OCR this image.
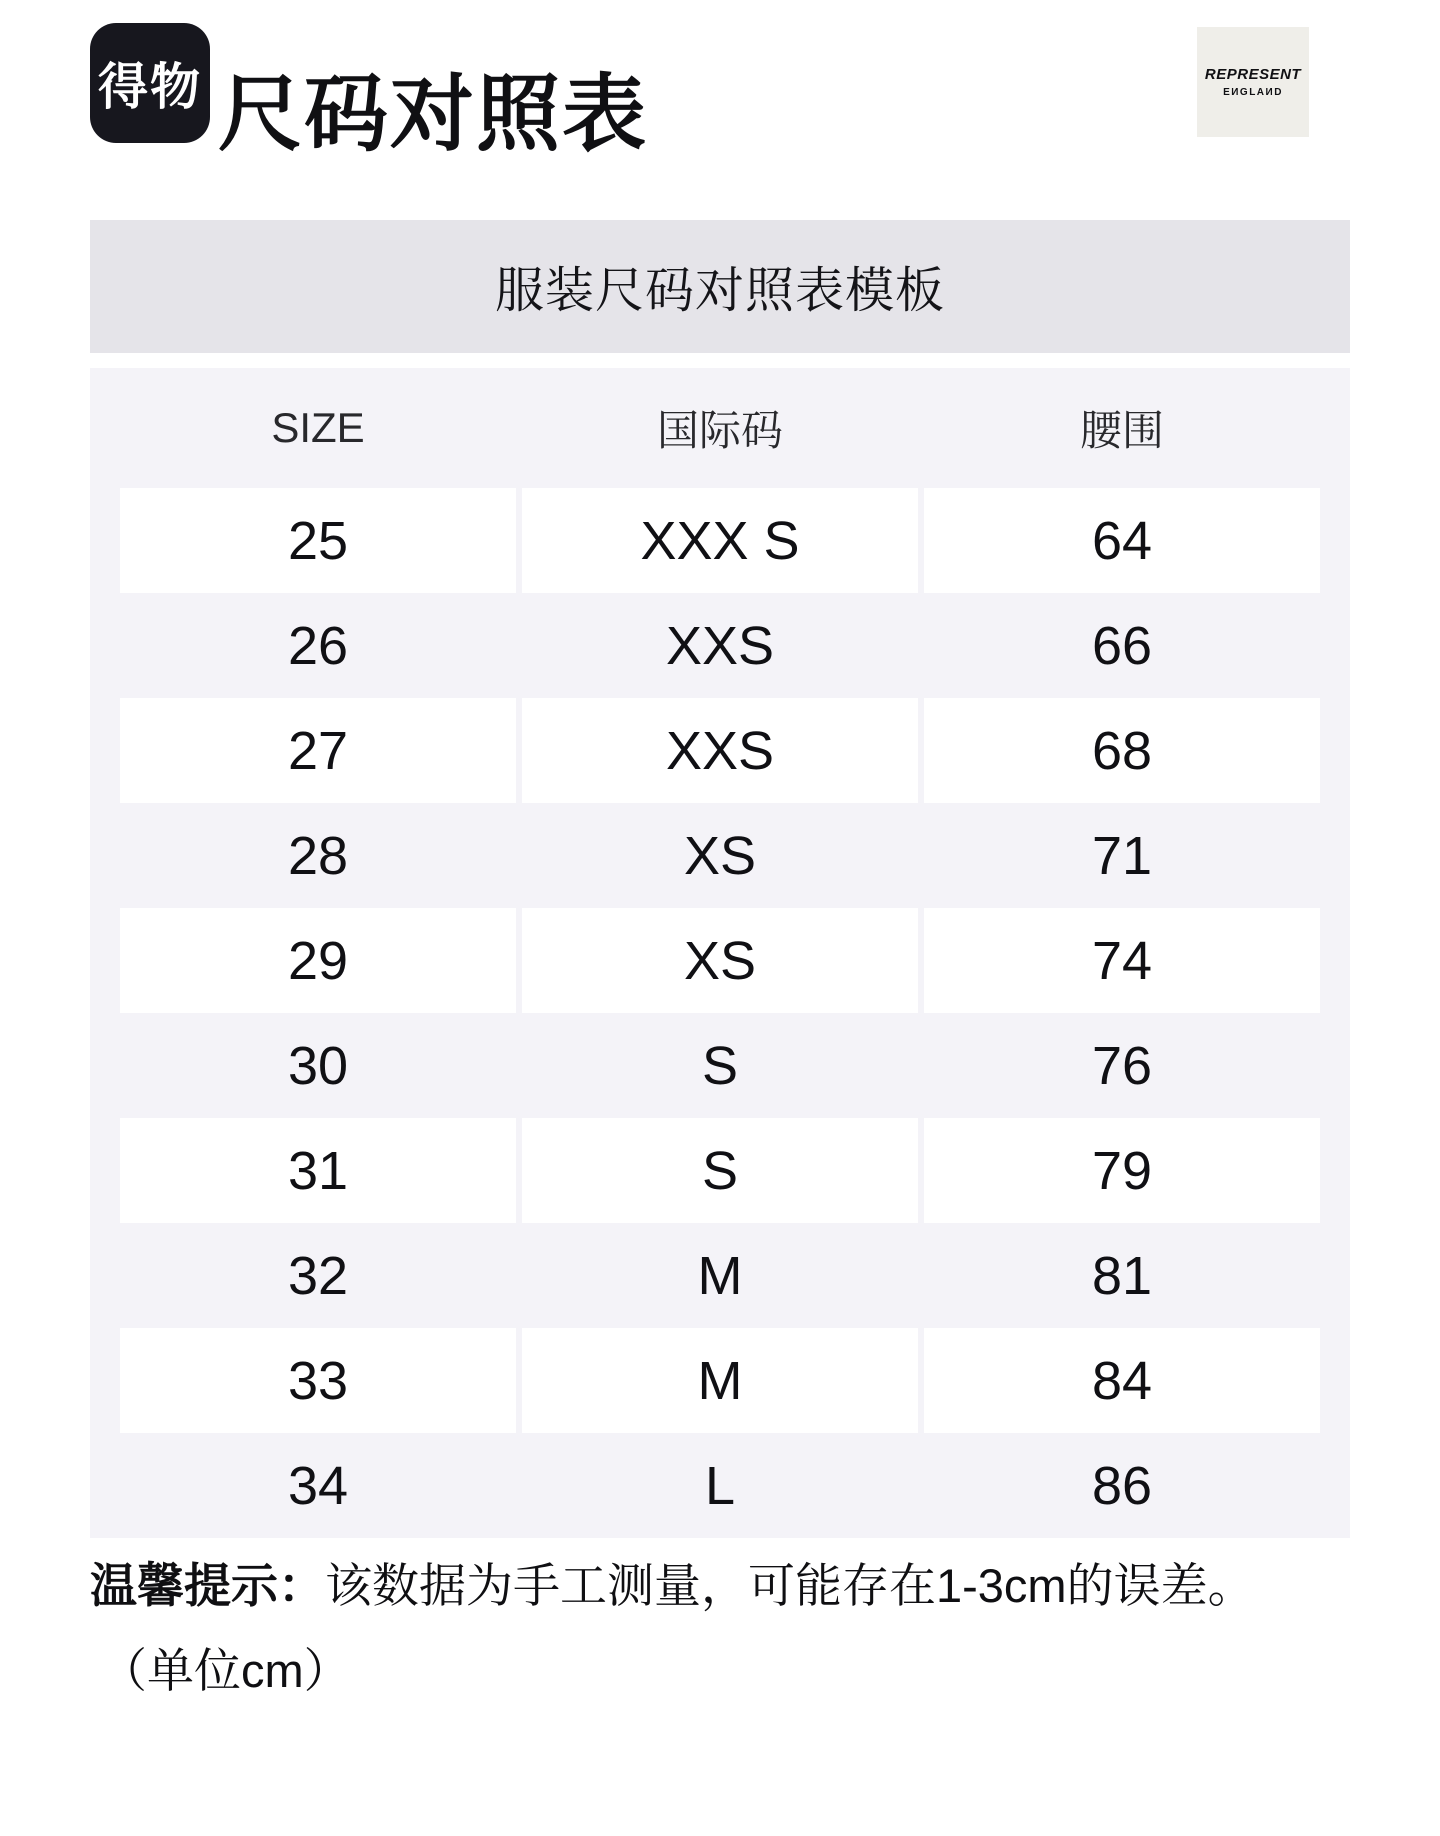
得物 尺码对照表	REPRESENT
EИGLAИD
服装尺码对照表模板
SIZE	国际码	腰围
25	XXX S	64
26	XXS	66
27	XXS	68
28	XS	71
29	XS	74
30	S	76
31	S	79
32	M	81
33	M	84
34	L	86

温馨提示：该数据为手工测量，可能存在1-3cm的误差。

（单位cm）
